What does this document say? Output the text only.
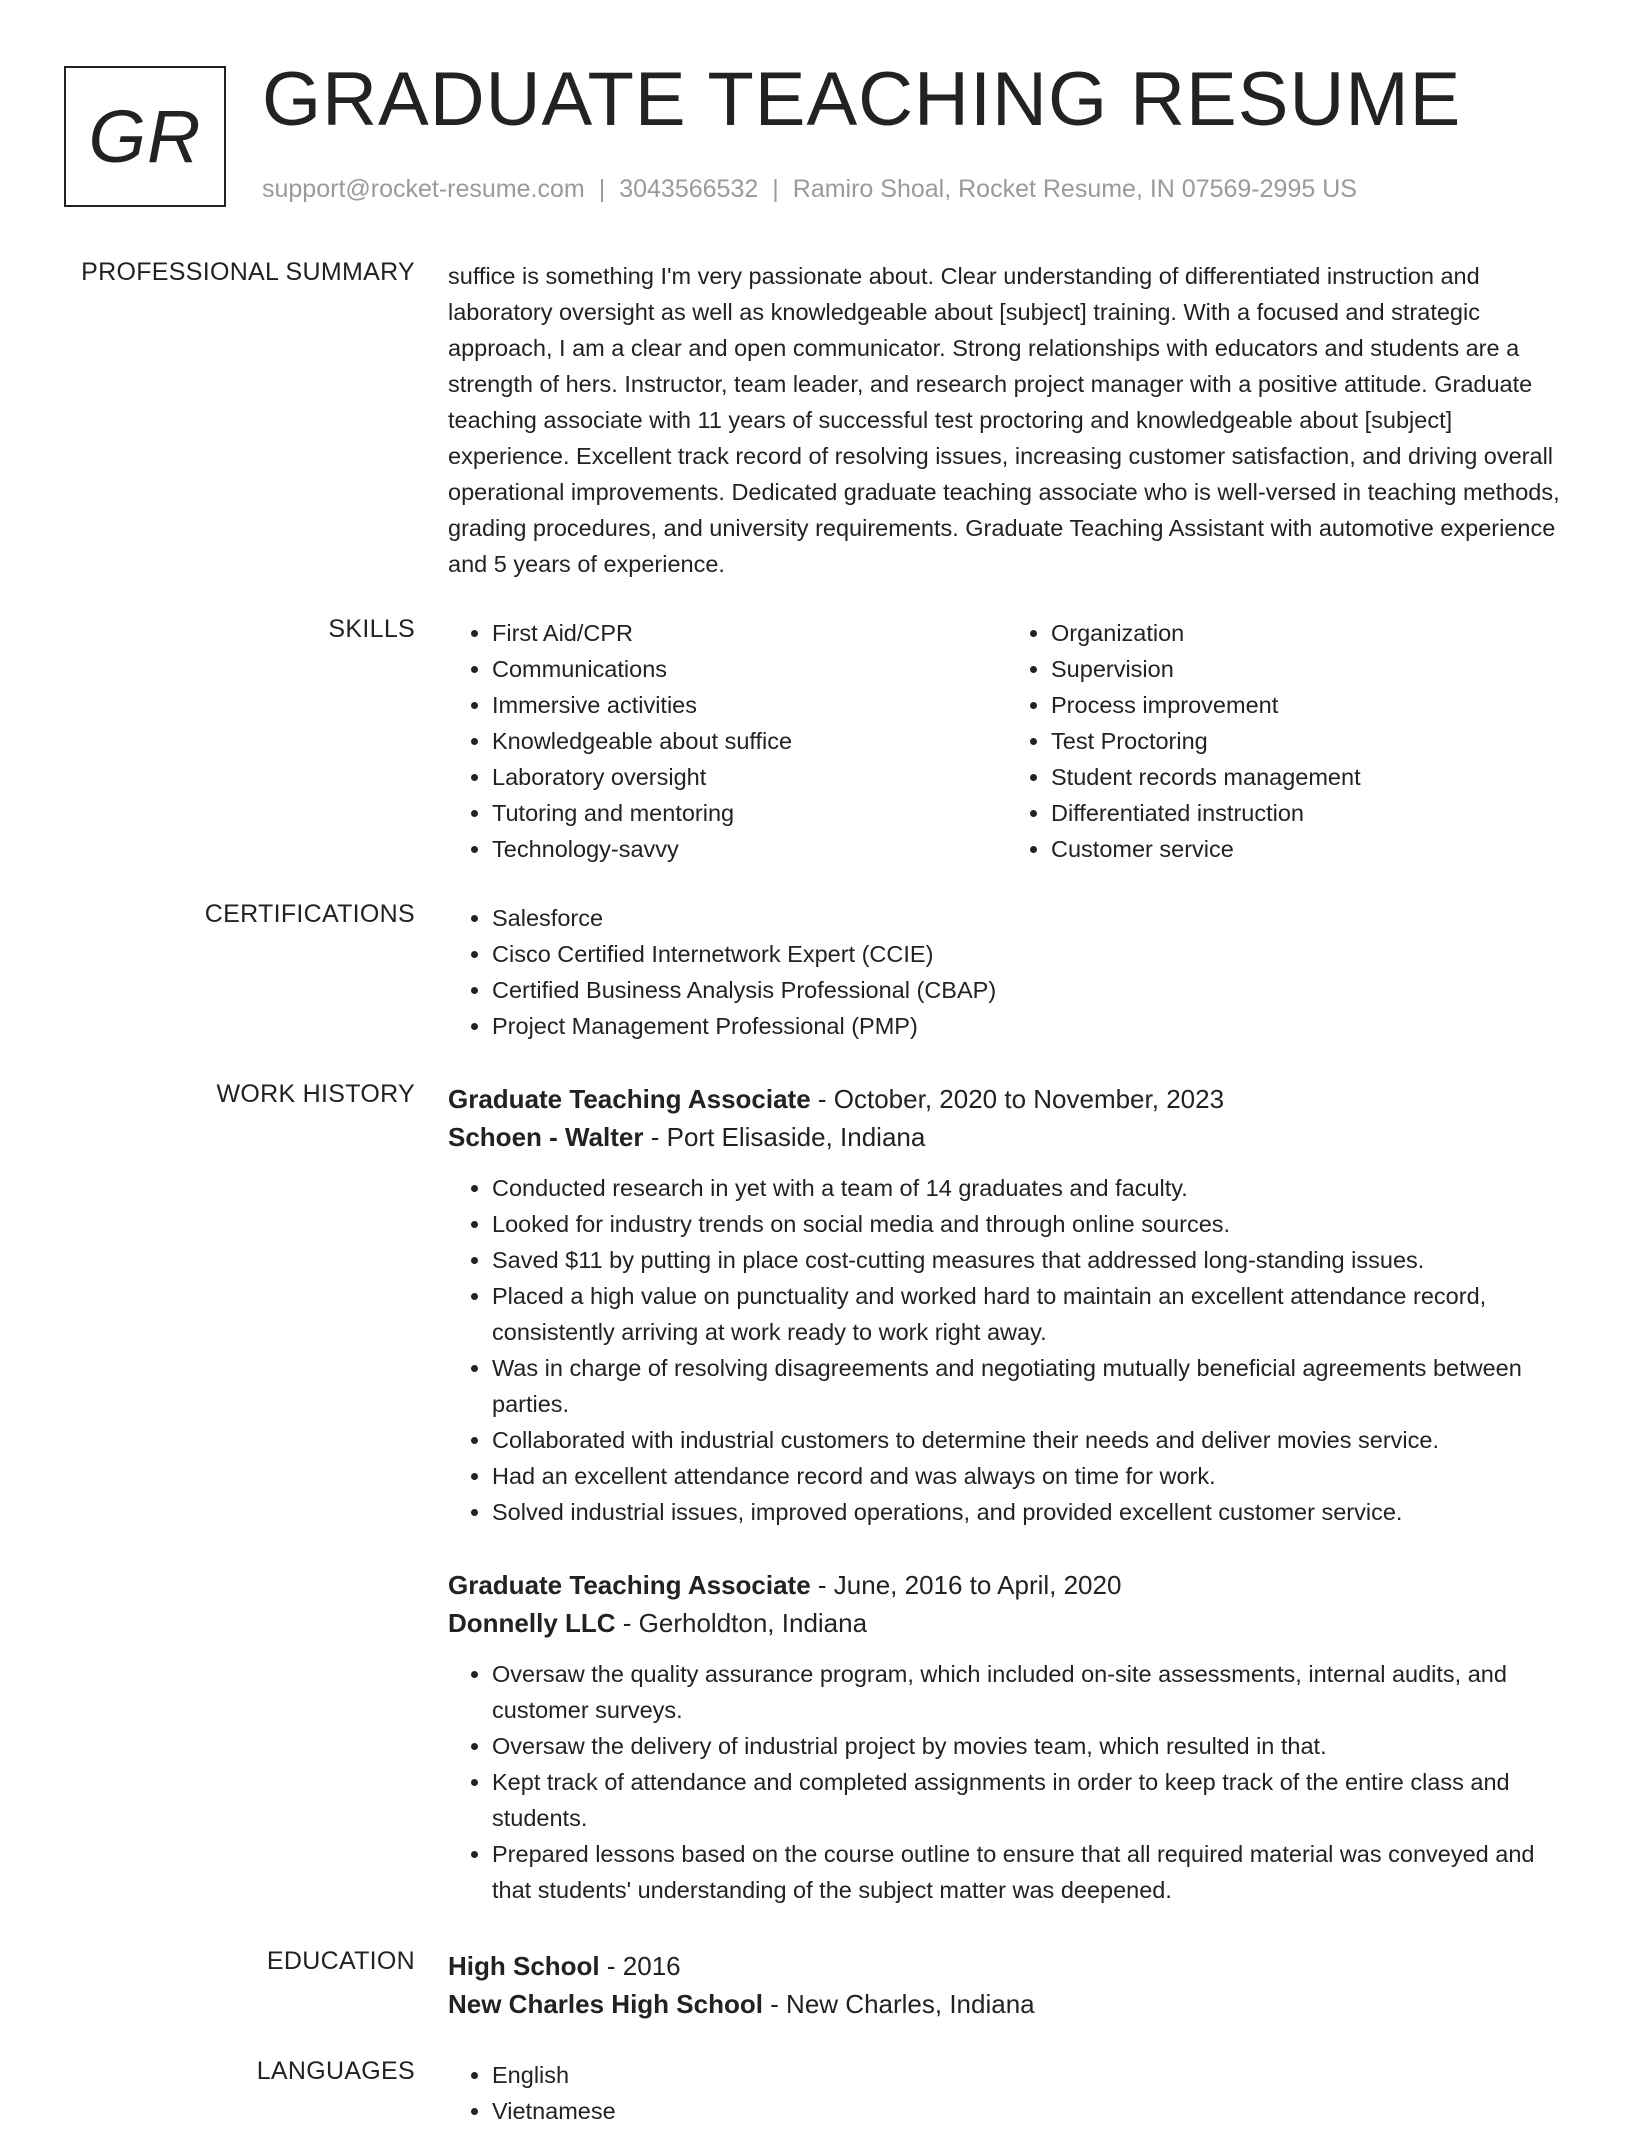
GR GRADUATE TEACHING RESUME
support@rocket-resume.com | 3043566532 | Ramiro Shoal, Rocket Resume, IN 07569-2995 US
PROFESSIONAL SUMMARY suffice is something I'm very passionate about. Clear understanding of differentiated instruction and laboratory oversight as well as knowledgeable about [subject] training. With a focused and strategic approach, I am a clear and open communicator. Strong relationships with educators and students are a strength of hers. Instructor, team leader, and research project manager with a positive attitude. Graduate teaching associate with 11 years of successful test proctoring and knowledgeable about [subject] experience. Excellent track record of resolving issues, increasing customer satisfaction, and driving overall operational improvements. Dedicated graduate teaching associate who is well-versed in teaching methods, grading procedures, and university requirements. Graduate Teaching Assistant with automotive experience and 5 years of experience.

SKILLS	• First Aid/CPR
• Communications
• Immersive activities
• Knowledgeable about suffice
• Laboratory oversight
• Tutoring and mentoring
• Technology-savvy
• Organization
• Supervision
• Process improvement
• Test Proctoring
• Student records management
• Differentiated instruction
• Customer service
CERTIFICATIONS	• Salesforce
• Cisco Certified Internetwork Expert (CCIE)
• Certified Business Analysis Professional (CBAP)
• Project Management Professional (PMP)
WORK HISTORY Graduate Teaching Associate - October, 2020 to November, 2023
Schoen - Walter - Port Elisaside, Indiana
• Conducted research in yet with a team of 14 graduates and faculty.
• Looked for industry trends on social media and through online sources.
• Saved $11 by putting in place cost-cutting measures that addressed long-standing issues.
• Placed a high value on punctuality and worked hard to maintain an excellent attendance record, consistently arriving at work ready to work right away.
• Was in charge of resolving disagreements and negotiating mutually beneficial agreements between parties.
• Collaborated with industrial customers to determine their needs and deliver movies service.
• Had an excellent attendance record and was always on time for work.
• Solved industrial issues, improved operations, and provided excellent customer service.
Graduate Teaching Associate - June, 2016 to April, 2020
Donnelly LLC - Gerholdton, Indiana
• Oversaw the quality assurance program, which included on-site assessments, internal audits, and customer surveys.
• Oversaw the delivery of industrial project by movies team, which resulted in that.
• Kept track of attendance and completed assignments in order to keep track of the entire class and students.
• Prepared lessons based on the course outline to ensure that all required material was conveyed and that students' understanding of the subject matter was deepened.
EDUCATION High School - 2016
New Charles High School - New Charles, Indiana
LANGUAGES	• English
• Vietnamese
